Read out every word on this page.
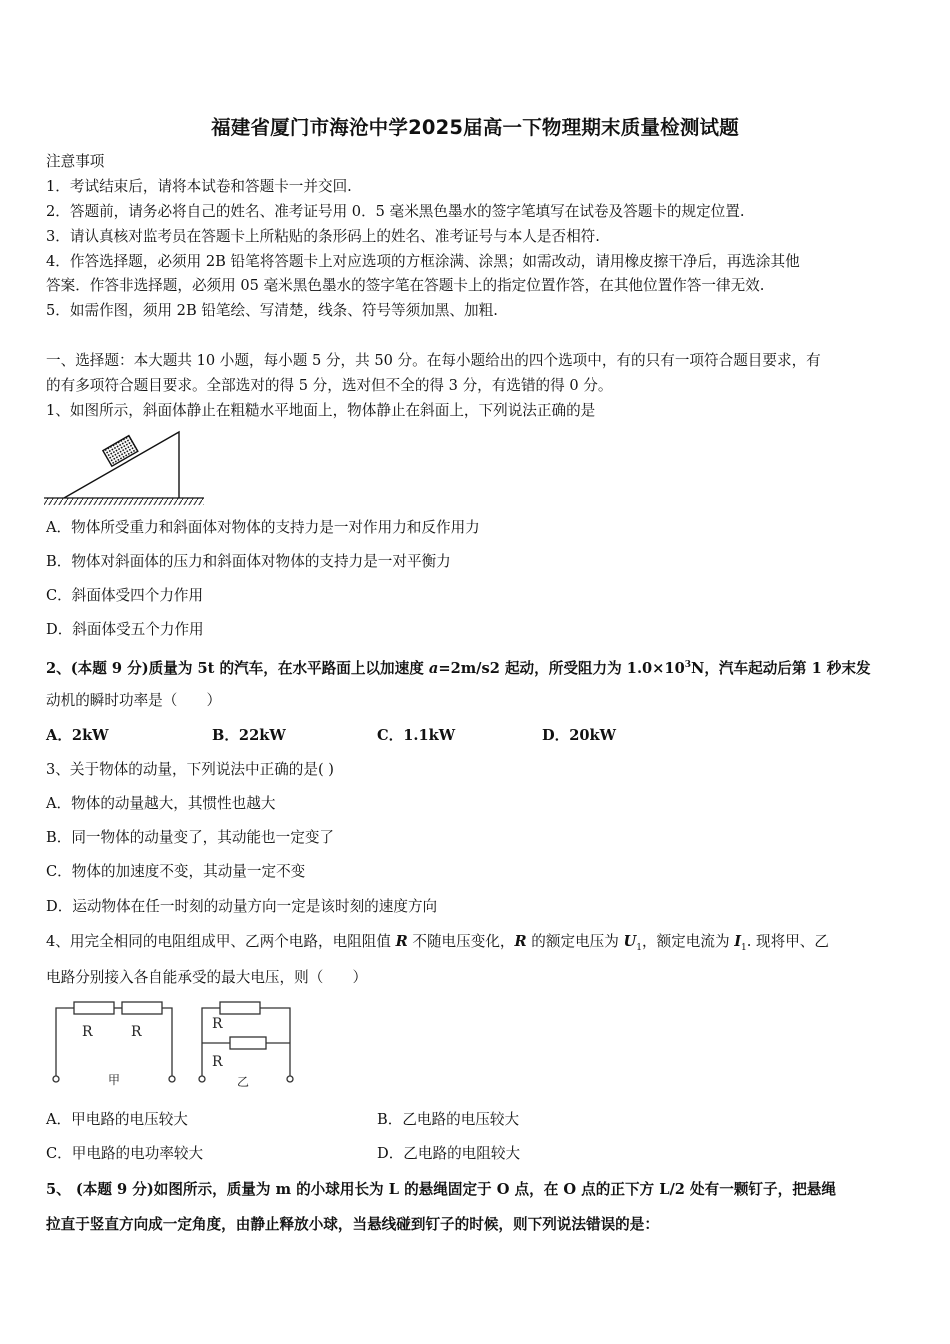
福建省厦门市海沧中学2025届高一下物理期末质量检测试题
注意事项
1．考试结束后，请将本试卷和答题卡一并交回.
2．答题前，请务必将自己的姓名、准考证号用 0．5 毫米黑色墨水的签字笔填写在试卷及答题卡的规定位置.
3．请认真核对监考员在答题卡上所粘贴的条形码上的姓名、准考证号与本人是否相符.
4．作答选择题，必须用 2B 铅笔将答题卡上对应选项的方框涂满、涂黑；如需改动，请用橡皮擦干净后，再选涂其他
答案．作答非选择题，必须用 05 毫米黑色墨水的签字笔在答题卡上的指定位置作答，在其他位置作答一律无效.
5．如需作图，须用 2B 铅笔绘、写清楚，线条、符号等须加黑、加粗.
一、选择题：本大题共 10 小题，每小题 5 分，共 50 分。在每小题给出的四个选项中，有的只有一项符合题目要求，有
的有多项符合题目要求。全部选对的得 5 分，选对但不全的得 3 分，有选错的得 0 分。
1、如图所示，斜面体静止在粗糙水平地面上，物体静止在斜面上，下列说法正确的是
A．物体所受重力和斜面体对物体的支持力是一对作用力和反作用力
B．物体对斜面体的压力和斜面体对物体的支持力是一对平衡力
C．斜面体受四个力作用
D．斜面体受五个力作用
2、(本题 9 分)质量为 5t 的汽车，在水平路面上以加速度 a=2m/s2 起动，所受阻力为 $1.0\times 10^3N$，汽车起动后第 1 秒末发
动机的瞬时功率是（　　）
A．2kW	B．22kW	C．1.1kW	D．20kW
3、关于物体的动量，下列说法中正确的是( )
A．物体的动量越大，其惯性也越大
B．同一物体的动量变了，其动能也一定变了
C．物体的加速度不变，其动量一定不变
D．运动物体在任一时刻的动量方向一定是该时刻的速度方向
4、用完全相同的电阻组成甲、乙两个电路，电阻阻值 R 不随电压变化，R 的额定电压为 $U_1$，额定电流为 $I_1$. 现将甲、乙
电路分别接入各自能承受的最大电压，则（　　）
R	R	R
R
甲	乙
A．甲电路的电压较大	B．乙电路的电压较大
C．甲电路的电功率较大	D．乙电路的电阻较大
5、 (本题 9 分)如图所示，质量为 m 的小球用长为 L 的悬绳固定于 O 点，在 O 点的正下方 L/2 处有一颗钉子，把悬绳
拉直于竖直方向成一定角度，由静止释放小球，当悬线碰到钉子的时候，则下列说法错误的是：
